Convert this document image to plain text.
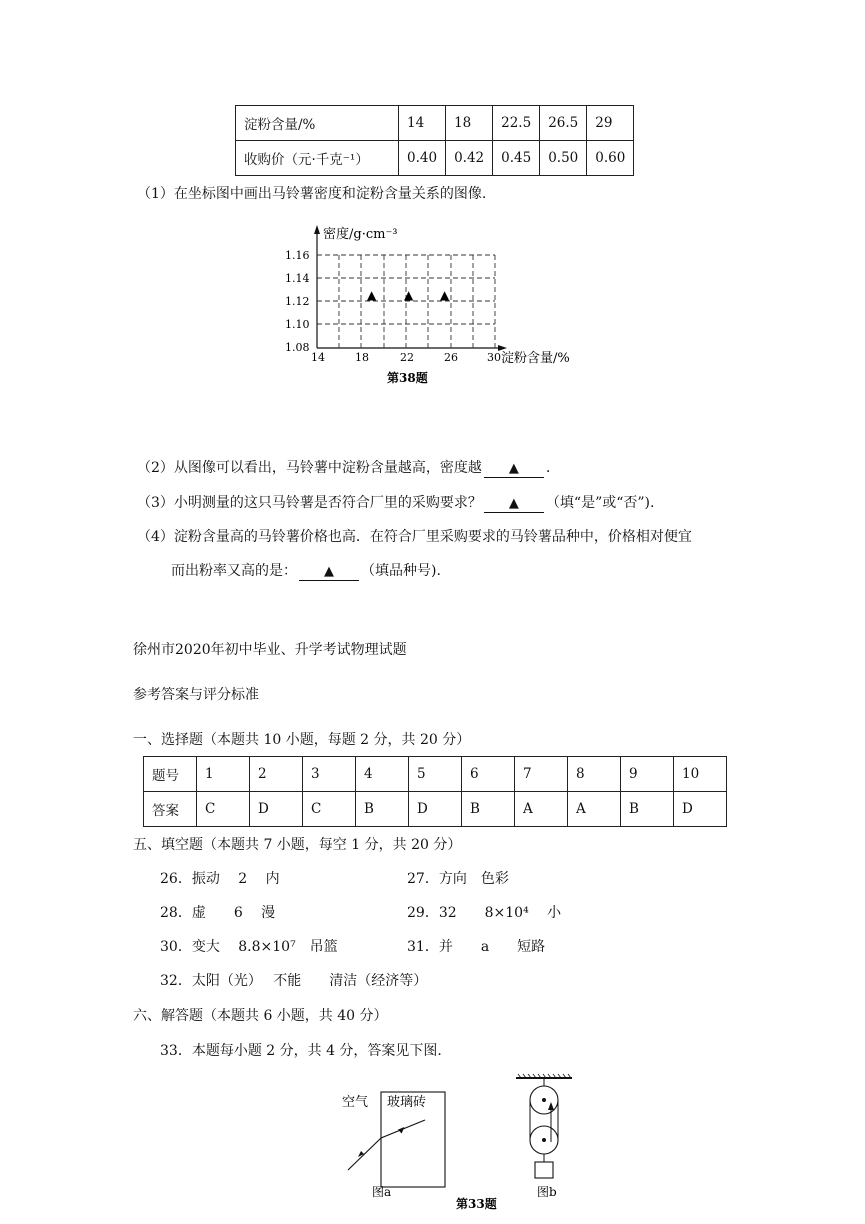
淀粉含量/%	14	18	22.5	26.5	29
收购价（元·千克⁻¹）	0.40	0.42	0.45	0.50	0.60
（1）在坐标图中画出马铃薯密度和淀粉含量关系的图像.
密度/g·cm⁻³
1.16
1.14
1.12
1.10
1.08
14	18	22	26	30 淀粉含量/%
▲ ▲ ▲
第38题
（2）从图像可以看出，马铃薯中淀粉含量越高，密度越 ▲ .
（3）小明测量的这只马铃薯是否符合厂里的采购要求？ ▲ （填“是”或“否”).
（4）淀粉含量高的马铃薯价格也高．在符合厂里采购要求的马铃薯品种中，价格相对便宜
而出粉率又高的是： ▲ （填品种号).
徐州市2020年初中毕业、升学考试物理试题
参考答案与评分标准
一、选择题（本题共 10 小题，每题 2 分，共 20 分）
题号	1	2	3	4	5	6	7	8	9	10
答案	C	D	C	B	D	B	A	A	B	D
五、填空题（本题共 7 小题，每空 1 分，共 20 分）
26．振动　 2　 内	27．方向　色彩
28．虚　　6　 漫	29．32　　8×10⁴　 小
30．变大　 8.8×10⁷　吊篮	31．并　　a　　短路
32．太阳（光）　 不能　　清洁（经济等）
六、解答题（本题共 6 小题，共 40 分）
33．本题每小题 2 分，共 4 分，答案见下图.
空气 玻璃砖
图a	图b
第33题
